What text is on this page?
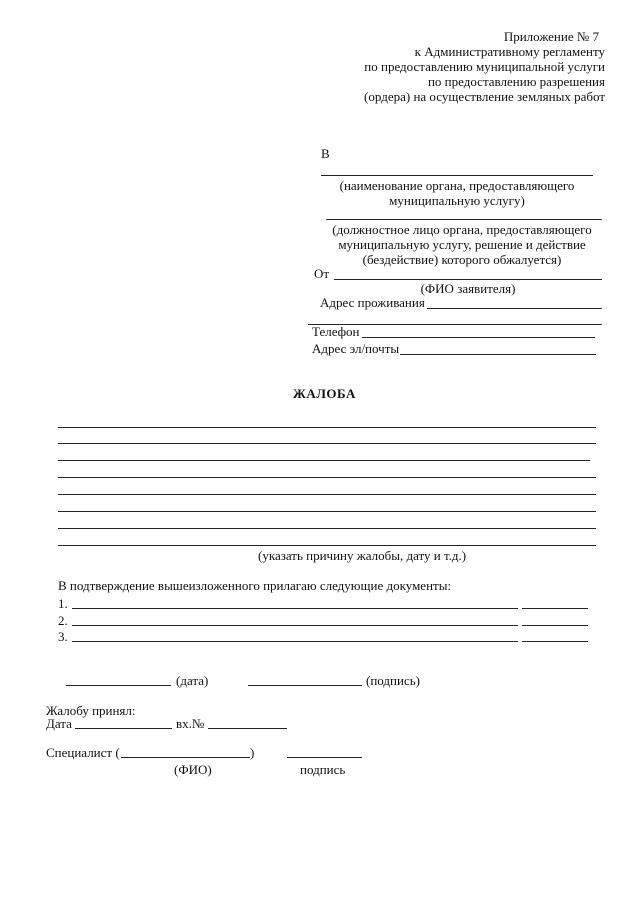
Приложение № 7
к Административному регламенту
по предоставлению муниципальной услуги
по предоставлению разрешения
(ордера) на осуществление земляных работ
В
(наименование органа, предоставляющего
муниципальную услугу)
(должностное лицо органа, предоставляющего
муниципальную услугу, решение и действие
(бездействие) которого обжалуется)
От
(ФИО заявителя)
Адрес проживания
Телефон
Адрес эл/почты
ЖАЛОБА
(указать причину жалобы, дату и т.д.)
В подтверждение вышеизложенного прилагаю следующие документы:
1.
2.
3.
(дата)	(подпись)
Жалобу принял:
Дата	вх.№
Специалист (	)
(ФИО)	подпись
